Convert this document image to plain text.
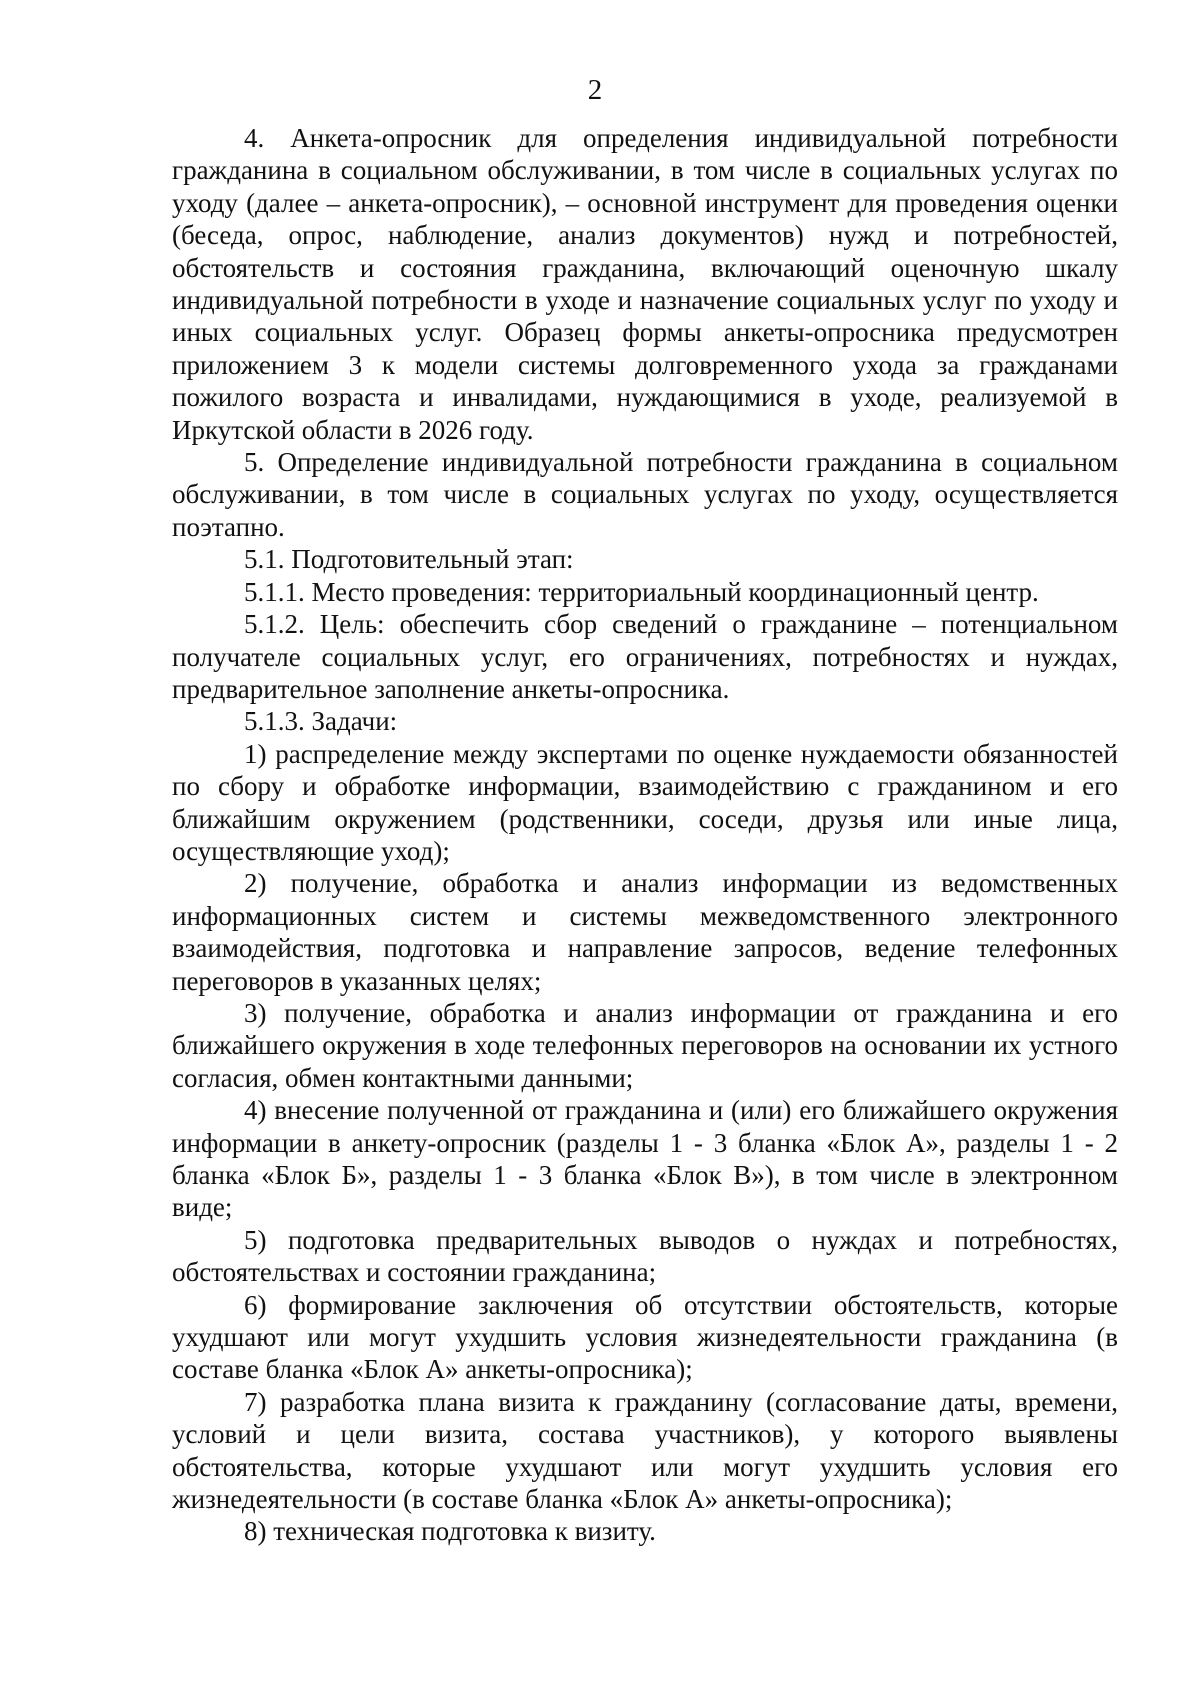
2

4. Анкета-опросник для определения индивидуальной потребности гражданина в социальном обслуживании, в том числе в социальных услугах по уходу (далее – анкета-опросник), – основной инструмент для проведения оценки (беседа, опрос, наблюдение, анализ документов) нужд и потребностей, обстоятельств и состояния гражданина, включающий оценочную шкалу индивидуальной потребности в уходе и назначение социальных услуг по уходу и иных социальных услуг. Образец формы анкеты-опросника предусмотрен приложением 3 к модели системы долговременного ухода за гражданами пожилого возраста и инвалидами, нуждающимися в уходе, реализуемой в Иркутской области в 2026 году.

5. Определение индивидуальной потребности гражданина в социальном обслуживании, в том числе в социальных услугах по уходу, осуществляется поэтапно.

5.1. Подготовительный этап:

5.1.1. Место проведения: территориальный координационный центр.

5.1.2. Цель: обеспечить сбор сведений о гражданине – потенциальном получателе социальных услуг, его ограничениях, потребностях и нуждах, предварительное заполнение анкеты-опросника.

5.1.3. Задачи:

1) распределение между экспертами по оценке нуждаемости обязанностей по сбору и обработке информации, взаимодействию с гражданином и его ближайшим окружением (родственники, соседи, друзья или иные лица, осуществляющие уход);

2) получение, обработка и анализ информации из ведомственных информационных систем и системы межведомственного электронного взаимодействия, подготовка и направление запросов, ведение телефонных переговоров в указанных целях;

3) получение, обработка и анализ информации от гражданина и его ближайшего окружения в ходе телефонных переговоров на основании их устного согласия, обмен контактными данными;

4) внесение полученной от гражданина и (или) его ближайшего окружения информации в анкету-опросник (разделы 1 - 3 бланка «Блок А», разделы 1 - 2 бланка «Блок Б», разделы 1 - 3 бланка «Блок В»), в том числе в электронном виде;

5) подготовка предварительных выводов о нуждах и потребностях, обстоятельствах и состоянии гражданина;

6) формирование заключения об отсутствии обстоятельств, которые ухудшают или могут ухудшить условия жизнедеятельности гражданина (в составе бланка «Блок А» анкеты-опросника);

7) разработка плана визита к гражданину (согласование даты, времени, условий и цели визита, состава участников), у которого выявлены обстоятельства, которые ухудшают или могут ухудшить условия его жизнедеятельности (в составе бланка «Блок А» анкеты-опросника);

8) техническая подготовка к визиту.
